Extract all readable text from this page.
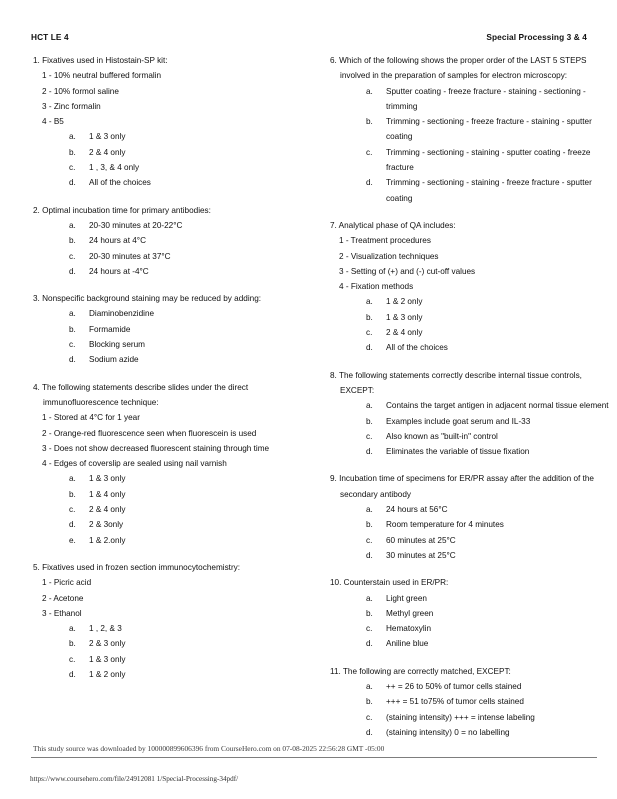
HCT LE 4	Special Processing 3 & 4
1. Fixatives used in Histostain-SP kit:
1 - 10% neutral buffered formalin
2 - 10% formol saline
3 - Zinc formalin
4 - B5
a.	1 & 3 only
b.	2 & 4 only
c.	1 , 3, & 4 only
d.	All of the choices
2. Optimal incubation time for primary antibodies:
a.	20-30 minutes at 20-22°C
b.	24 hours at 4°C
c.	20-30 minutes at 37°C
d.	24 hours at -4°C
3. Nonspecific background staining may be reduced by adding:
a.	Diaminobenzidine
b.	Formamide
c.	Blocking serum
d.	Sodium azide
4. The following statements describe slides under the direct immunofluorescence technique:
1 - Stored at 4°C for 1 year
2 - Orange-red fluorescence seen when fluorescein is used
3 - Does not show decreased fluorescent staining through time
4 - Edges of coverslip are sealed using nail varnish
a.	1 & 3 only
b.	1 & 4 only
c.	2 & 4 only
d.	2 & 3only
e.	1 & 2.only
5. Fixatives used in frozen section immunocytochemistry:
1 - Picric acid
2 - Acetone
3 - Ethanol
a.	1 , 2, & 3
b.	2 & 3 only
c.	1 & 3 only
d.	1 & 2 only
6. Which of the following shows the proper order of the LAST 5 STEPS involved in the preparation of samples for electron microscopy:
a.	Sputter coating - freeze fracture - staining - sectioning - trimming
b.	Trimming - sectioning - freeze fracture - staining - sputter coating
c.	Trimming - sectioning - staining - sputter coating - freeze fracture
d.	Trimming - sectioning - staining - freeze fracture - sputter coating
7. Analytical phase of QA includes:
1 - Treatment procedures
2 - Visualization techniques
3 - Setting of (+) and (-) cut-off values
4 - Fixation methods
a.	1 & 2 only
b.	1 & 3 only
c.	2 & 4 only
d.	All of the choices
8. The following statements correctly describe internal tissue controls, EXCEPT:
a.	Contains the target antigen in adjacent normal tissue element
b.	Examples include goat serum and IL-33
c.	Also known as "built-in" control
d.	Eliminates the variable of tissue fixation
9. Incubation time of specimens for ER/PR assay after the addition of the secondary antibody
a.	24 hours at 56°C
b.	Room temperature for 4 minutes
c.	60 minutes at 25°C
d.	30 minutes at 25°C
10. Counterstain used in ER/PR:
a.	Light green
b.	Methyl green
c.	Hematoxylin
d.	Aniline blue
11. The following are correctly matched, EXCEPT:
a.	++ = 26 to 50% of tumor cells stained
b.	+++ = 51 to75% of tumor cells stained
c.	(staining intensity) +++ = intense labeling
d.	(staining intensity) 0 = no labelling
This study source was downloaded by 100000899606396 from CourseHero.com on 07-08-2025 22:56:28 GMT -05:00
https://www.coursehero.com/file/24912081 1/Special-Processing-34pdf/
